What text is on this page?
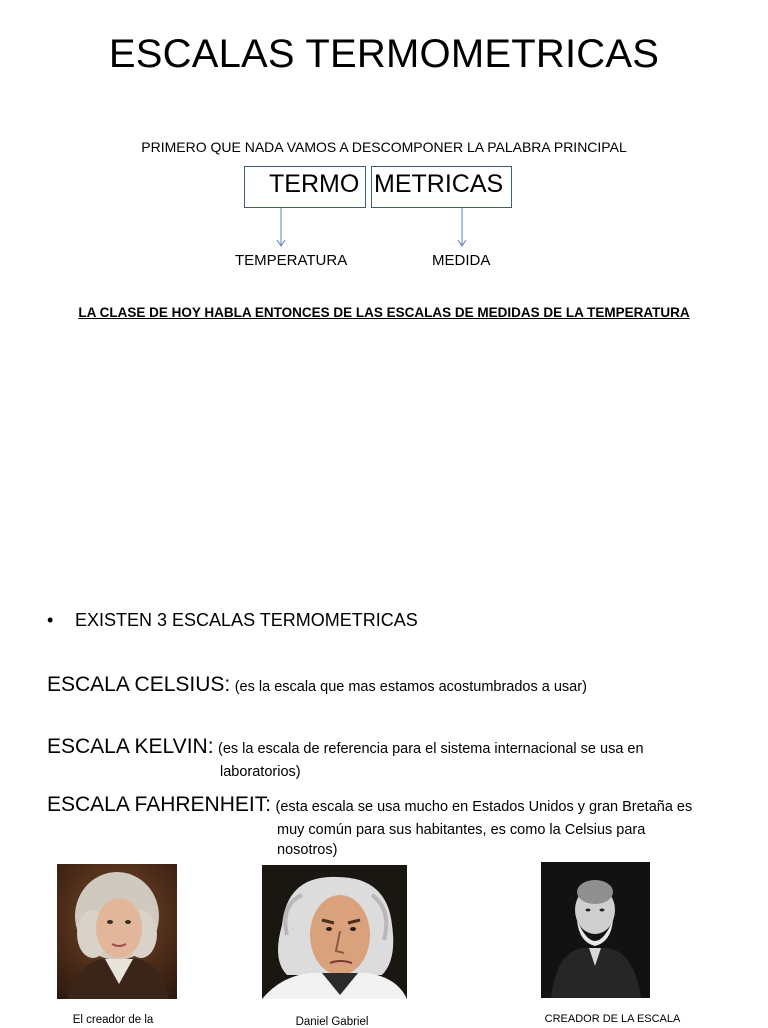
ESCALAS TERMOMETRICAS
PRIMERO QUE NADA VAMOS A DESCOMPONER LA PALABRA PRINCIPAL
TERMO METRICAS
TEMPERATURA	MEDIDA
LA CLASE DE HOY HABLA ENTONCES DE LAS ESCALAS DE MEDIDAS DE LA TEMPERATURA
• EXISTEN 3 ESCALAS TERMOMETRICAS
ESCALA CELSIUS: (es la escala que mas estamos acostumbrados a usar)
ESCALA KELVIN: (es la escala de referencia para el sistema internacional se usa en
laboratorios)
ESCALA FAHRENHEIT: (esta escala se usa mucho en Estados Unidos y gran Bretaña es
muy común para sus habitantes, es como la Celsius para
nosotros)
El creador de la	Daniel Gabriel	CREADOR DE LA ESCALA
